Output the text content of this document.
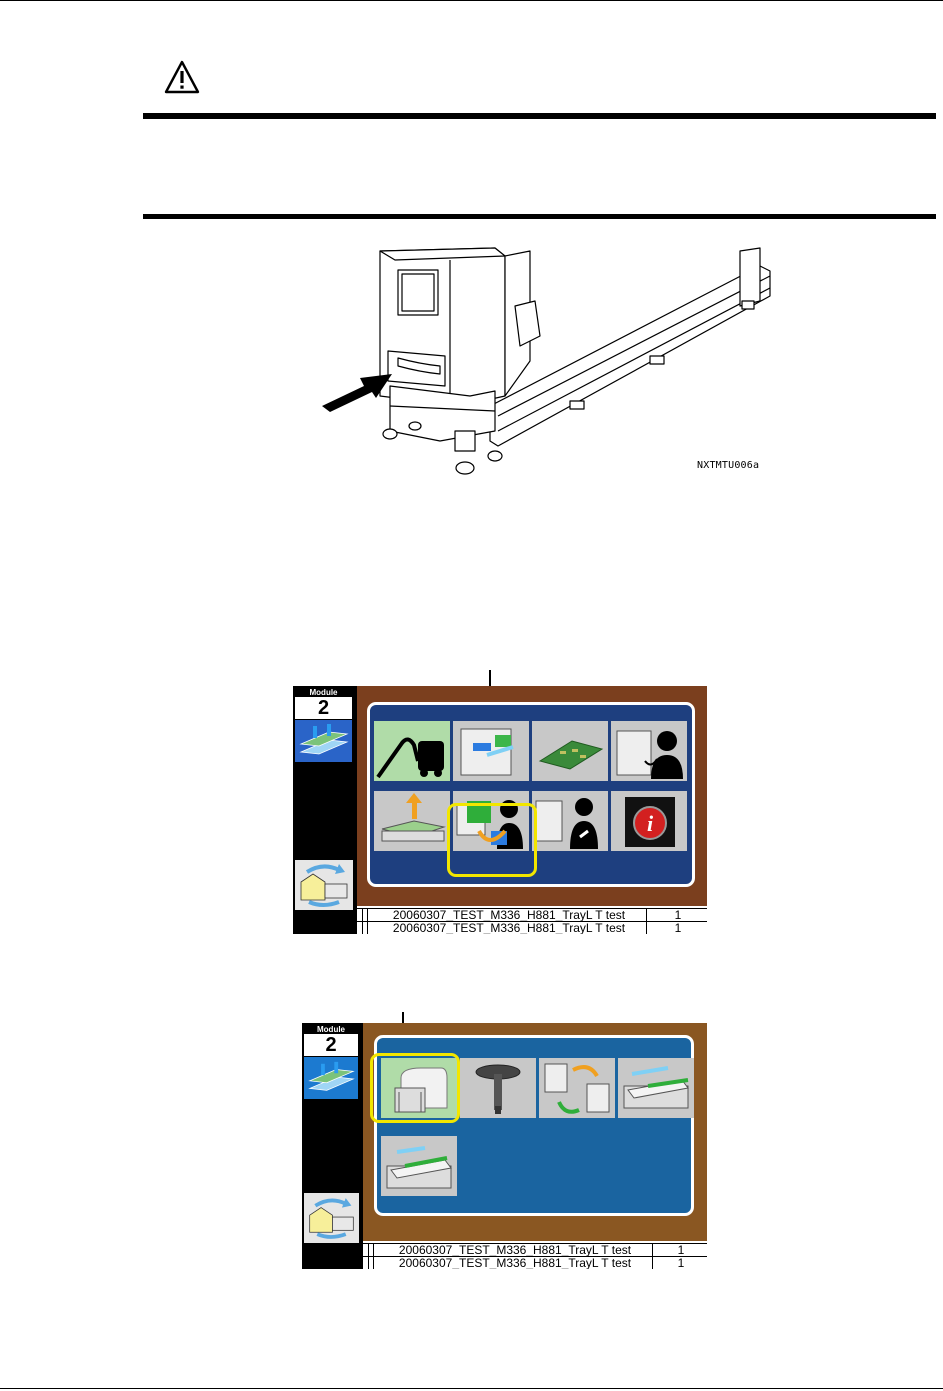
NXTMTU006a
Module
2
i
20060307_TEST_M336_H881_TrayL T test	1
20060307_TEST_M336_H881_TrayL T test	1
Module
2
20060307_TEST_M336_H881_TrayL T test	1
20060307_TEST_M336_H881_TrayL T test	1
